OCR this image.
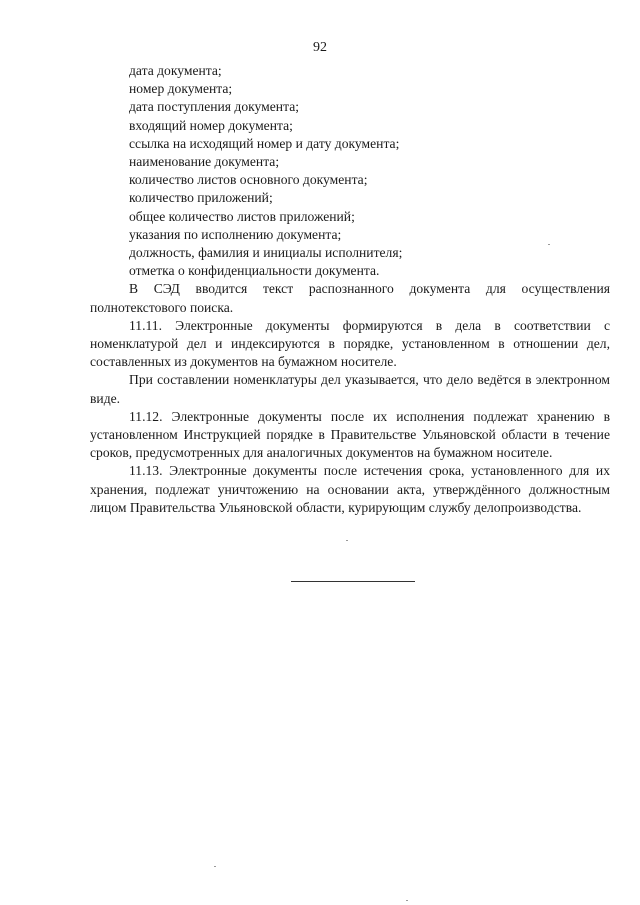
92
дата документа;
номер документа;
дата поступления документа;
входящий номер документа;
ссылка на исходящий номер и дату документа;
наименование документа;
количество листов основного документа;
количество приложений;
общее количество листов приложений;
указания по исполнению документа;
должность, фамилия и инициалы исполнителя;
отметка о конфиденциальности документа.

В СЭД вводится текст распознанного документа для осуществления полнотекстового поиска.

11.11. Электронные документы формируются в дела в соответствии с номенклатурой дел и индексируются в порядке, установленном в отношении дел, составленных из документов на бумажном носителе.

При составлении номенклатуры дел указывается, что дело ведётся в электронном виде.

11.12. Электронные документы после их исполнения подлежат хранению в установленном Инструкцией порядке в Правительстве Ульяновской области в течение сроков, предусмотренных для аналогичных документов на бумажном носителе.

11.13. Электронные документы после истечения срока, установленного для их хранения, подлежат уничтожению на основании акта, утверждённого должностным лицом Правительства Ульяновской области, курирующим службу делопроизводства.
